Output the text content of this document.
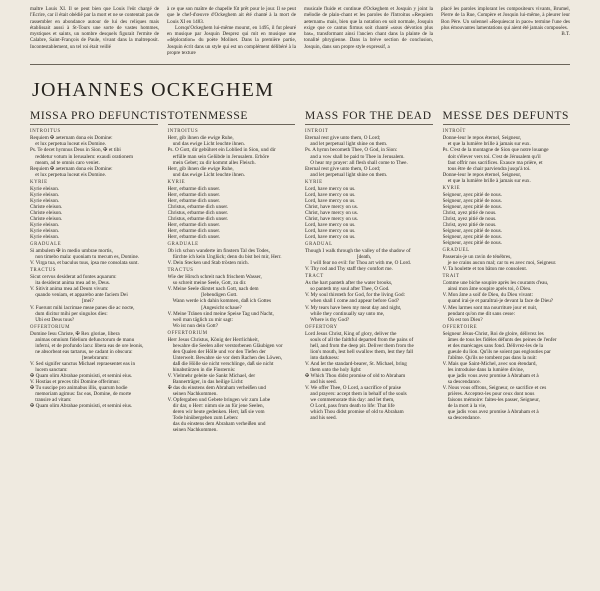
maltre Louis XI. Il se peut bien que Louis l'eût chargé de l'Ecrire, car il était obédiê par la mort et ne se contentait pas de rassembler en abondance autour de lui des reliques mais établissait aussi à St-Tours une sorte de vastes hommes, mystiques et saints, un nombre desquels figurait l'ermite de Calabre, Saint-François de Paule, vivant dans la maltreposit. Incontestablement, un tel roi était veillé

à ce que son maître de chapelle fût prêt pour le jour. Il se peut que le chef-d'œuvre d'Ockeghem ait été chanté à la mort de Louis XI en 1483.

Lorsqu'Ockeghem lui-même mourut, en 1495, il fut pleuré en musique par Josquin Desprez qui mit en musique une «déploration» du poète Molinet. Dans la première partie, Josquin écrit dans un style qui est un complément délibéré à la propre texture

musicale fluide et continue d'Ockeghem et Josquin y joint la mélodie de plain-chant et les paroles de l'Introitus «Requiem aeternam» mais, bien que la notation en soit normale, Josquin exige que ce cantus firmus soit chanté «sous dévotion plus bas», transformant ainsi l'ancien chant dans la plainte de la tonalité phrygienne. Dans la brève section de conclusion, Josquin, dans son propre style expressif, a

placé les paroles implorant les compositeurs vivants, Brumel, Pierre de la Rue, Compère et Josquin lui-même, à pleurer leur Bon Père. Un solennel «Requiescat in pace» termine l'une des plus émouvantes lamentations qui aient été jamais composées.

B.T.

JOHANNES OCKEGHEM
MISSA PRO DEFUNCTIS
INTROITUS
Requiem ✠ aeternam dona eis Domine:
et lux perpetua luceat eis Domine.
Ps. Te decet hymnus Deus in Sion, ✠ et tibi
reddetur votum in Ierusalem: exaudi orationem
meam, ad te omnis caro veniet.
Requiem ✠ aeternam dona eis Domine:
et lux perpetua luceat eis Domine.
KYRIE
Kyrie eleison.
Kyrie eleison.
Kyrie eleison.
Christe eleison.
Christe eleison.
Christe eleison.
Kyrie eleison.
Kyrie eleison.
Kyrie eleison.
GRADUALE
Si ambulem ✠ in medio umbrae mortis,
non timebo mala: quoniam tu mecum es, Domine.
V. Virga tua, et baculus tuus, ipsa me consolata sunt.
TRACTUS
Sicut cervus desiderat ad fontes aquarum:
ita desiderat anima mea ad te, Deus.
V. Sitivit anima mea ad Deum vivum:
quando veniam, et apparebo ante faciem Dei
[mei?
V. Fuerunt mihi lacrimae meae panes die ac nocte,
dum dicitur mihi per singulos dies:
Ubi est Deus tuus?
OFFERTORIUM
Domine Iesu Christe, ✠ Rex gloriae, libera
animas omnium fidelium defunctorum de manu
inferni, et de profundo lacu: libera eas de ore leonis,
ne absorbeat eas tartarus, ne cadant in obscura:
[tenebrarum:
V. Sed signifer sanctus Michael repraesentet eas in
lucem sanctam:
✠ Quam olim Abrahae promisisti, et semini eius.
V. Hostias et preces tibi Domine offerimus:
✠ Tu suscipe pro animabus illis, quarum hodie
memoriam agimus: fac eas, Domine, de morte
transire ad vitam:
✠ Quam olim Abrahae promisisti, et semini eius.
TOTENMESSE
INTROITUS
Herr, gib ihnen die ewige Ruhe,
und das ewige Licht leuchte ihnen.
Ps. O Gott, dir gebühret ein Loblied in Sion, und dir
erfülle man sein Gelübde in Jerusalem. Erhöre
mein Gebet; zu dir kommt alles Fleisch.
Herr, gib ihnen die ewige Ruhe,
und das ewige Licht leuchte ihnen.
KYRIE
Herr, erbarme dich unser.
Herr, erbarme dich unser.
Herr, erbarme dich unser.
Christus, erbarme dich unser.
Christus, erbarme dich unser.
Christus, erbarme dich unser.
Herr, erbarme dich unser.
Herr, erbarme dich unser.
Herr, erbarme dich unser.
GRADUALE
Ob ich schon wanderte im finstern Tal des Todes,
fürchte ich kein Unglück; denn du bist bei mir, Herr.
V. Dein Stecken und Stab trösten mich.
TRACTUS
Wie der Hirsch schreit nach frischem Wasser,
so schreit meine Seele, Gott, zu dir.
V. Meine Seele dürstet nach Gott, nach dem
[lebendigen Gott.
Wann werde ich dahin kommen, daß ich Gottes
[Angesicht schaue?
V. Meine Tränen sind meine Speise Tag und Nacht,
weil man täglich zu mir sagt:
Wo ist nun dein Gott?
OFFERTORIUM
Herr Jesus Christus, König der Herrlichkeit,
bewahre die Seelen aller verstorbenen Gläubigen vor
den Qualen der Hölle und vor den Tiefen der
Unterwelt. Bewahre sie vor dem Rachen des Löwen,
daß die Hölle sie nicht verschlinge, daß sie nicht
hinabstürzen in die Finsternis:
V. Vielmehr geleite sie Sankt Michael, der
Bannerträger, in das heilige Licht:
✠ das du einstens dem Abraham verheißen und
seinen Nachkommen.
V. Opfergaben und Gebete bringen wir zum Lobe
dir dar, o Herr: nimm sie an für jene Seelen,
deren wir heute gedenken. Herr, laß sie vom
Tode hinübergehen zum Leben:
das du einstens dem Abraham verheißen und
seinen Nachkommen.
MASS FOR THE DEAD
INTROIT
Eternal rest give unto them, O Lord;
and let perpetual light shine on them.
Ps. A hymn becometh Thee, O God, in Sion:
and a vow shall be paid to Thee in Jerusalem.
O hear my prayer: all flesh shall come to Thee.
Eternal rest give unto them, O Lord;
and let perpetual light shine on them.
KYRIE
Lord, have mercy on us.
Lord, have mercy on us.
Lord, have mercy on us.
Christ, have mercy on us.
Christ, have mercy on us.
Christ, have mercy on us.
Lord, have mercy on us.
Lord, have mercy on us.
Lord, have mercy on us.
GRADUAL
Though I walk through the valley of the shadow of
[death,
I will fear no evil: for Thou art with me, O Lord.
V. Thy rod and Thy staff they comfort me.
TRACT
As the hart panteth after the water brooks,
so panteth my soul after Thee, O God.
V. My soul thirsteth for God, for the living God:
when shall I come and appear before God?
V. My tears have been my meat day and night,
while they continually say unto me,
Where is thy God?
OFFERTORY
Lord Jesus Christ, King of glory, deliver the
souls of all the faithful departed from the pains of
hell, and from the deep pit. Deliver them from the
lion's mouth, lest hell swallow them, lest they fall
into darkness:
V. And let the standard-bearer, St. Michael, bring
them unto the holy light:
✠ Which Thou didst promise of old to Abraham
and his seed.
V. We offer Thee, O Lord, a sacrifice of praise
and prayers: accept them in behalf of the souls
we commemorate this day: and let them,
O Lord, pass from death to life: That life
which Thou didst promise of old to Abraham
and his seed.
MESSE DES DEFUNTS
INTROÏT
Donne-leur le repos éternel, Seigneur,
et que la lumière brille à jamais sur eux.
Ps. C'est de la montagne de Sion que notre louange
doit s'élever vers toi. C'est de Jérusalem qu'il
faut offrir nos sacrifices. Exauce ma prière, et
tous être de chair parviendra jusqu'à toi.
Donne-leur le repos éternel, Seigneur,
et que la lumière brille à jamais sur eux.
KYRIE
Seigneur, ayez pitié de nous.
Seigneur, ayez pitié de nous.
Seigneur, ayez pitié de nous.
Christ, ayez pitié de nous.
Christ, ayez pitié de nous.
Christ, ayez pitié de nous.
Seigneur, ayez pitié de nous.
Seigneur, ayez pitié de nous.
Seigneur, ayez pitié de nous.
GRADUEL
Passerais-je un ravin de ténèbres,
je ne crains aucun mal; car tu es avec moi, Seigneur.
V. Ta houlette et ton bâton me consolent.
TRAIT
Comme une biche soupire après les courants d'eau,
ainsi mon âme soupire après toi, ô Dieu.
V. Mon âme a soif de Dieu, du Dieu vivant:
quand irai-je et paraîtrai-je devant la face de Dieu?
V. Mes larmes sont ma nourriture jour et nuit,
pendant qu'on me dit sans cesse:
Où est ton Dieu?
OFFERTOIRE
Seigneur Jésus-Christ, Roi de gloire, délivrez les
âmes de tous les fidèles défunts des peines de l'enfer
et des marécages sans fond. Délivrez-les de la
gueule du lion. Qu'ils ne soient pas englouties par
l'abîme. Qu'ils ne tombent pas dans la nuit:
V. Mais que Saint-Michel, avec son étendard,
les introduise dans la lumière divine,
que jadis vous avez promise à Abraham et à
sa descendance.
V. Nous vous offrons, Seigneur, ce sacrifice et ces
prières. Acceptez-les pour ceux dont nous
faisons mémoire: faites-les passer, Seigneur,
de la mort à la vie,
que jadis vous avez promise à Abraham et à
sa descendance.
